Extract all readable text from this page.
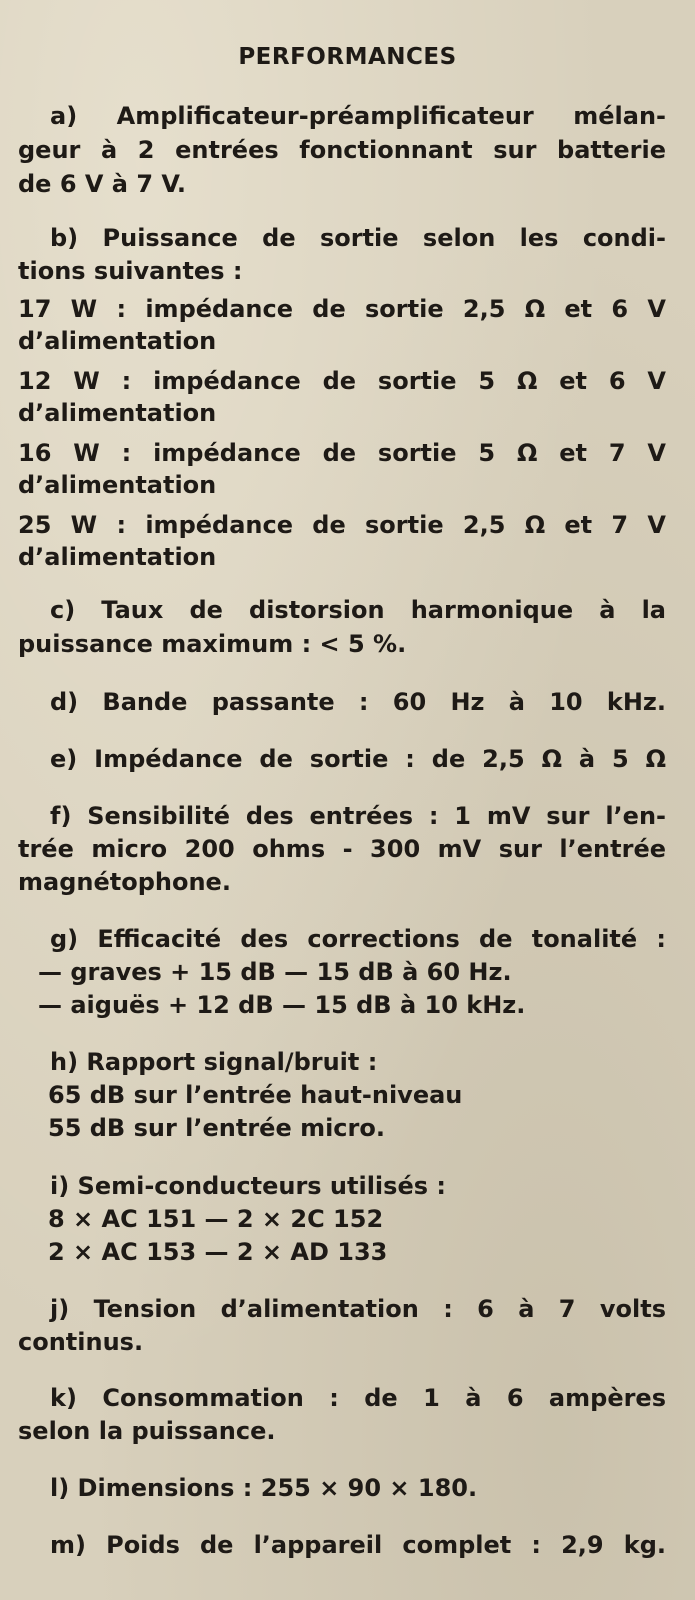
PERFORMANCES
a) Amplificateur-préamplificateur mélan-
geur à 2 entrées fonctionnant sur batterie
de 6 V à 7 V.
b) Puissance de sortie selon les condi-
tions suivantes :
17 W : impédance de sortie 2,5 Ω et 6 V
d’alimentation
12 W : impédance de sortie 5 Ω et 6 V
d’alimentation
16 W : impédance de sortie 5 Ω et 7 V
d’alimentation
25 W : impédance de sortie 2,5 Ω et 7 V
d’alimentation
c) Taux de distorsion harmonique à la
puissance maximum : < 5 %.
d) Bande passante : 60 Hz à 10 kHz.
e) Impédance de sortie : de 2,5 Ω à 5 Ω
f) Sensibilité des entrées : 1 mV sur l’en-
trée micro 200 ohms - 300 mV sur l’entrée
magnétophone.
g) Efficacité des corrections de tonalité :
— graves + 15 dB — 15 dB à 60 Hz.
— aiguës + 12 dB — 15 dB à 10 kHz.
h) Rapport signal/bruit :
65 dB sur l’entrée haut-niveau
55 dB sur l’entrée micro.
i) Semi-conducteurs utilisés :
8 × AC 151 — 2 × 2C 152
2 × AC 153 — 2 × AD 133
j) Tension d’alimentation : 6 à 7 volts
continus.
k) Consommation : de 1 à 6 ampères
selon la puissance.
l) Dimensions : 255 × 90 × 180.
m) Poids de l’appareil complet : 2,9 kg.
